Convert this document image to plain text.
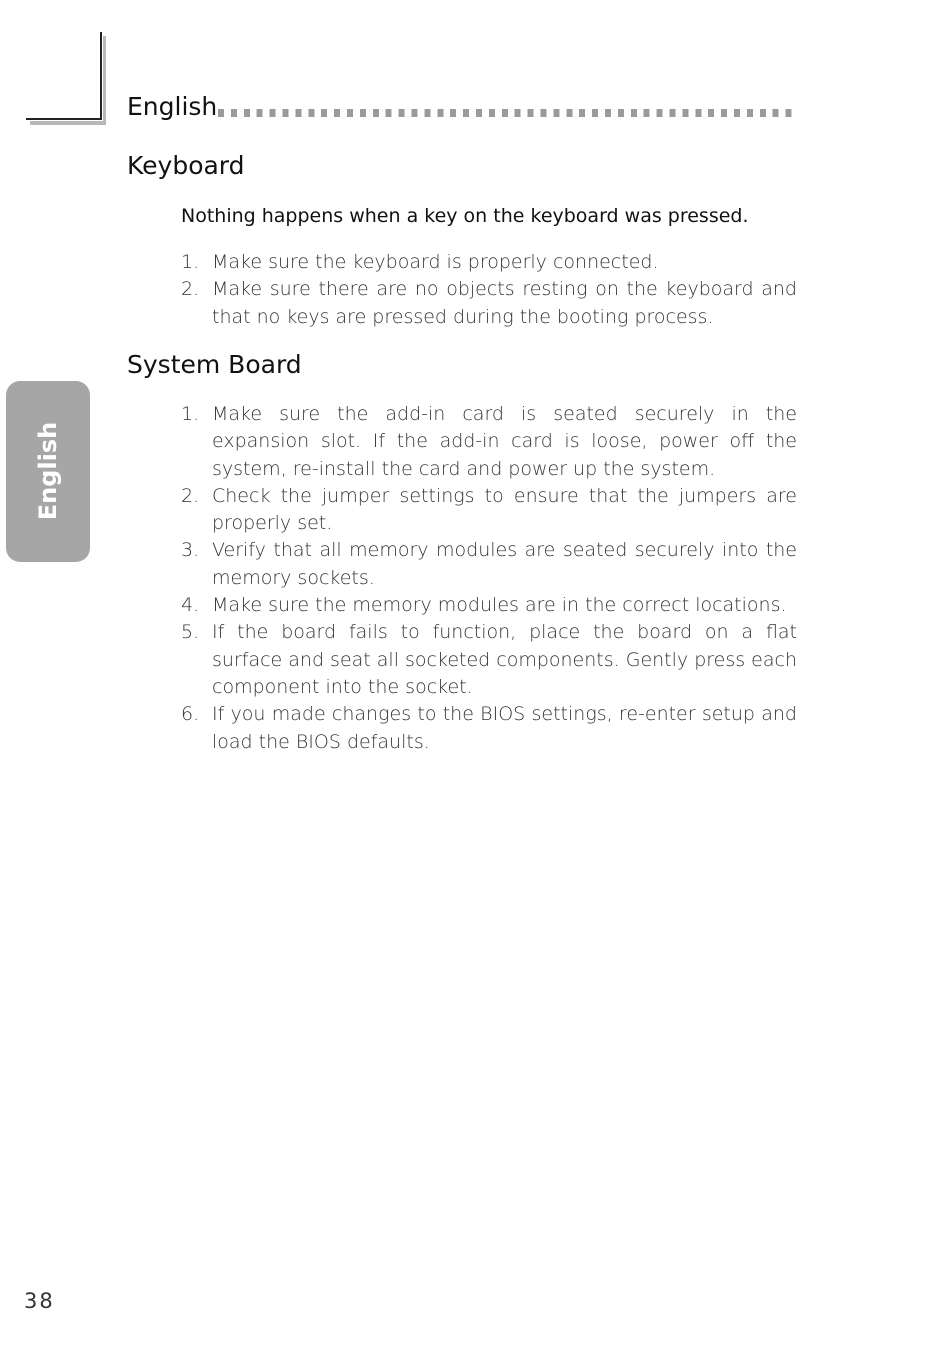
English
English
Keyboard
Nothing happens when a key on the keyboard was pressed.
1. Make sure the keyboard is properly connected.
2. Make sure there are no objects resting on the keyboard and that no keys are pressed during the booting process.
System Board
1. Make sure the add-in card is seated securely in the expansion slot. If the add-in card is loose, power off the system, re-install the card and power up the system.
2. Check the jumper settings to ensure that the jumpers are properly set.
3. Verify that all memory modules are seated securely into the memory sockets.
4. Make sure the memory modules are in the correct locations.
5. If the board fails to function, place the board on a flat surface and seat all socketed components. Gently press each component into the socket.
6. If you made changes to the BIOS settings, re-enter setup and load the BIOS defaults.
38
